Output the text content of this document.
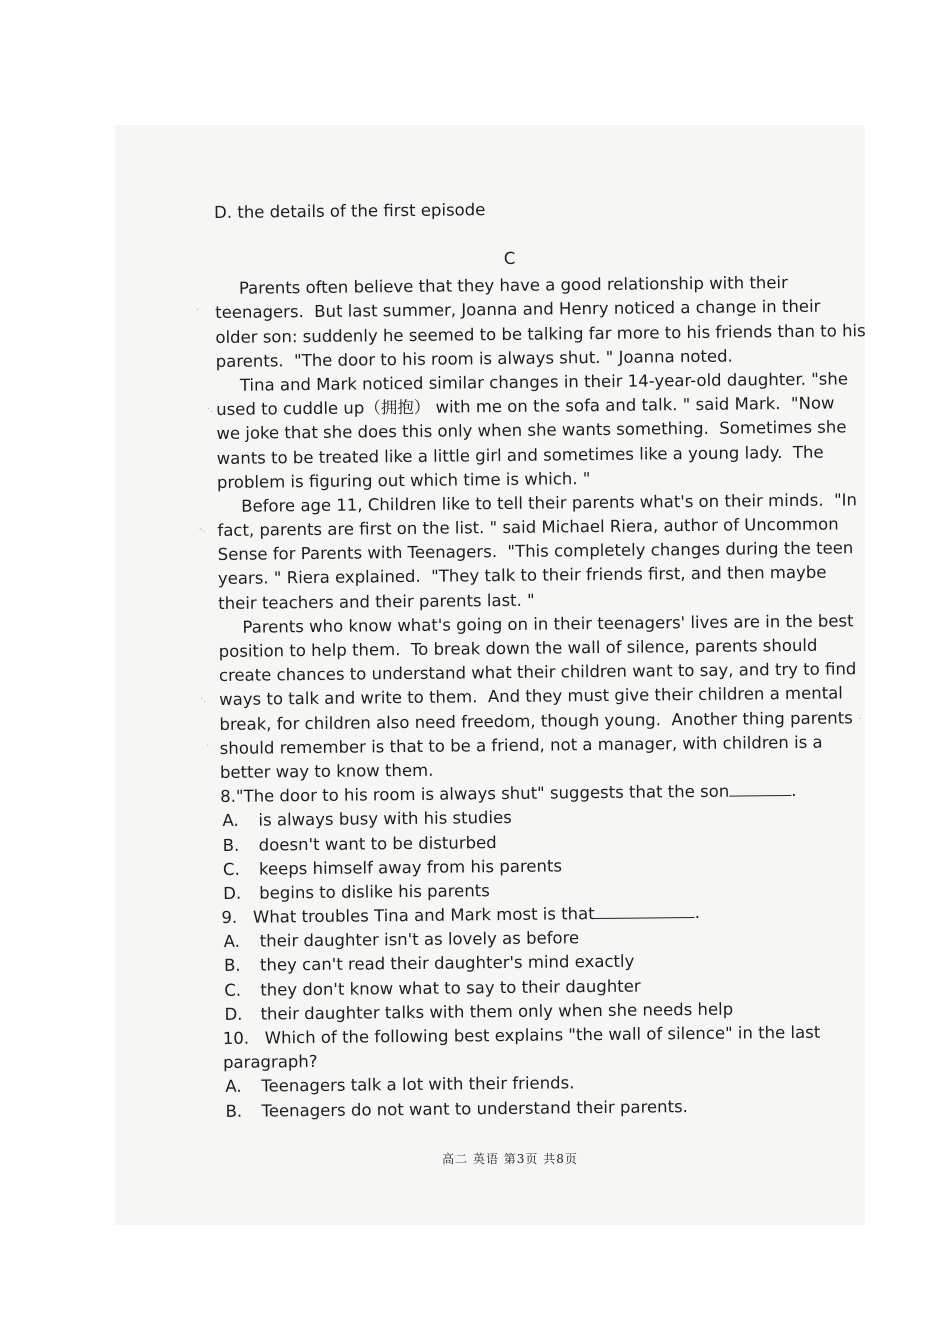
·
·.
-.
·.
·
·
D. the details of the first episode
C
Parents often believe that they have a good relationship with their
teenagers.  But last summer, Joanna and Henry noticed a change in their
older son: suddenly he seemed to be talking far more to his friends than to his
parents.  "The door to his room is always shut. " Joanna noted.
Tina and Mark noticed similar changes in their 14-year-old daughter. "she
used to cuddle up（拥抱） with me on the sofa and talk. " said Mark.  "Now
we joke that she does this only when she wants something.  Sometimes she
wants to be treated like a little girl and sometimes like a young lady.  The
problem is figuring out which time is which. "
Before age 11, Children like to tell their parents what's on their minds.  "In
fact, parents are first on the list. " said Michael Riera, author of Uncommon
Sense for Parents with Teenagers.  "This completely changes during the teen
years. " Riera explained.  "They talk to their friends first, and then maybe
their teachers and their parents last. "
Parents who know what's going on in their teenagers' lives are in the best
position to help them.  To break down the wall of silence, parents should
create chances to understand what their children want to say, and try to find
ways to talk and write to them.  And they must give their children a mental
break, for children also need freedom, though young.  Another thing parents
should remember is that to be a friend, not a manager, with children is a
better way to know them.
8."The door to his room is always shut" suggests that the son	.
A. is always busy with his studies
B. doesn't want to be disturbed
C. keeps himself away from his parents
D. begins to dislike his parents
9.   What troubles Tina and Mark most is that	.
A. their daughter isn't as lovely as before
B. they can't read their daughter's mind exactly
C. they don't know what to say to their daughter
D. their daughter talks with them only when she needs help
10.   Which of the following best explains "the wall of silence" in the last
paragraph?
A. Teenagers talk a lot with their friends.
B. Teenagers do not want to understand their parents.
高二 英语 第3页 共8页
